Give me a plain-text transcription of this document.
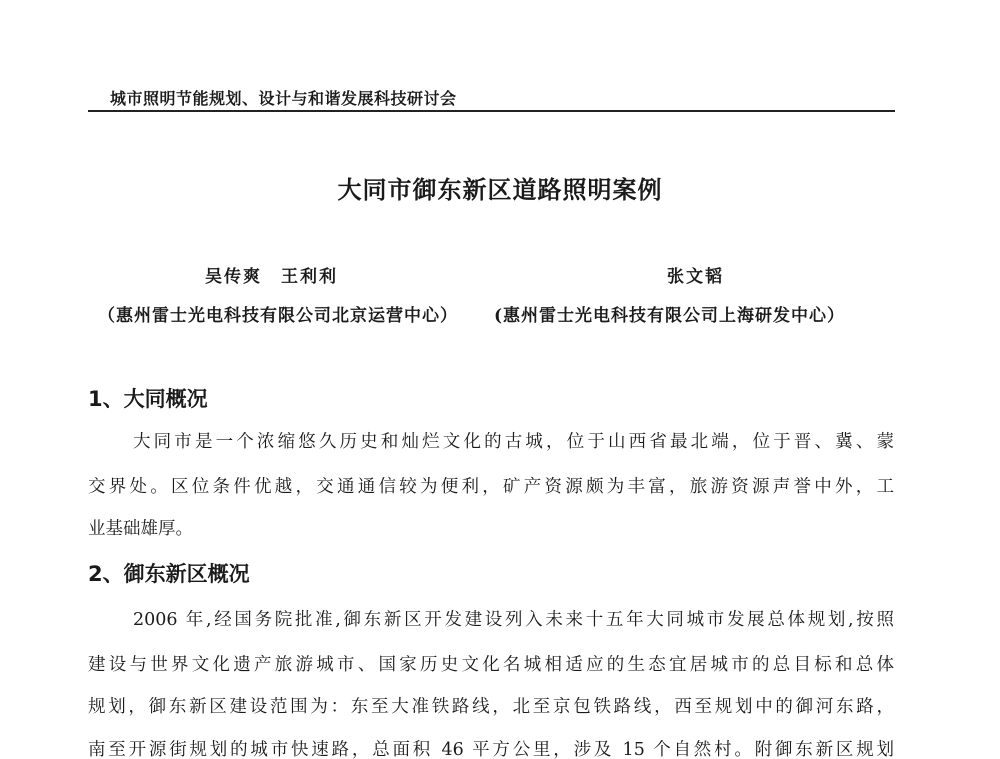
城市照明节能规划、设计与和谐发展科技研讨会
大同市御东新区道路照明案例
吴传爽　王利利	张文韬
（惠州雷士光电科技有限公司北京运营中心） (惠州雷士光电科技有限公司上海研发中心）
1、大同概况
大同市是一个浓缩悠久历史和灿烂文化的古城，位于山西省最北端，位于晋、冀、蒙
交界处。区位条件优越，交通通信较为便利，矿产资源颇为丰富，旅游资源声誉中外，工
业基础雄厚。
2、御东新区概况
2006 年,经国务院批准,御东新区开发建设列入未来十五年大同城市发展总体规划,按照
建设与世界文化遗产旅游城市、国家历史文化名城相适应的生态宜居城市的总目标和总体
规划，御东新区建设范围为：东至大准铁路线，北至京包铁路线，西至规划中的御河东路，
南至开源街规划的城市快速路，总面积 46 平方公里，涉及 15 个自然村。附御东新区规划
